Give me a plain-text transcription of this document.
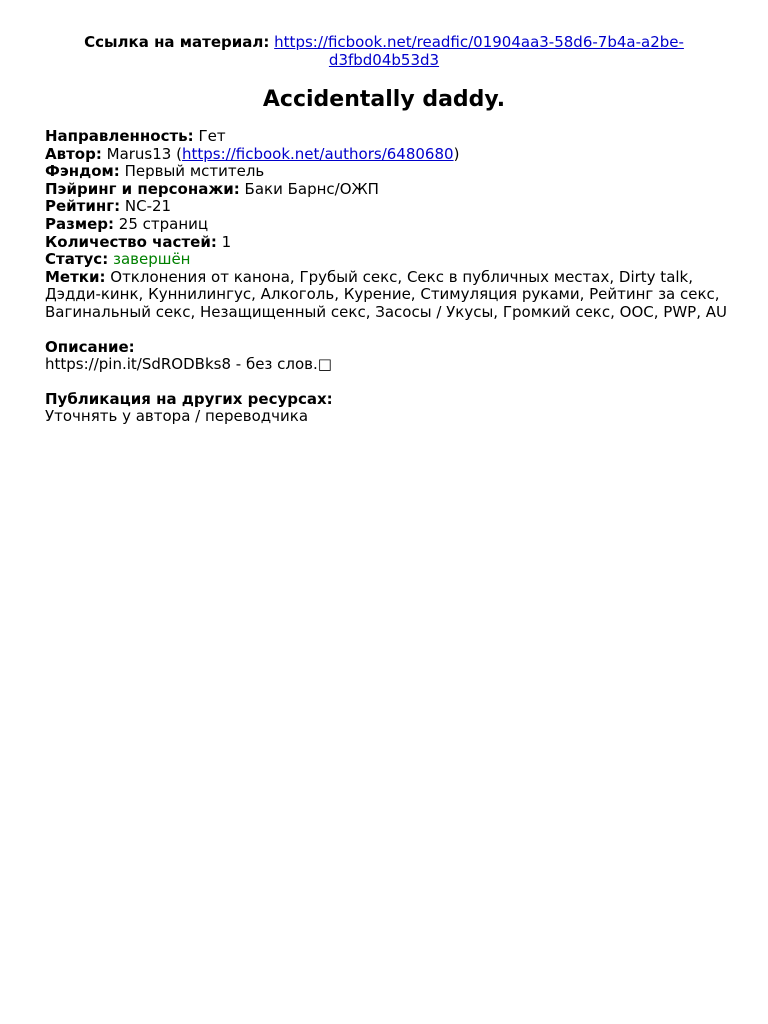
Ссылка на материал: https://ficbook.net/readfic/01904aa3-58d6-7b4a-a2be-d3fbd04b53d3
Accidentally daddy.
Направленность: Гет
Автор: Marus13 (https://ficbook.net/authors/6480680)
Фэндом: Первый мститель
Пэйринг и персонажи: Баки Барнс/ОЖП
Рейтинг: NC-21
Размер: 25 страниц
Количество частей: 1
Статус: завершён
Метки: Отклонения от канона, Грубый секс, Секс в публичных местах, Dirty talk, Дэдди-кинк, Куннилингус, Алкоголь, Курение, Стимуляция руками, Рейтинг за секс, Вагинальный секс, Незащищенный секс, Засосы / Укусы, Громкий секс, ООС, PWP, AU
Описание:
https://pin.it/SdRODBks8 - без слов.□
Публикация на других ресурсах:
Уточнять у автора / переводчика
